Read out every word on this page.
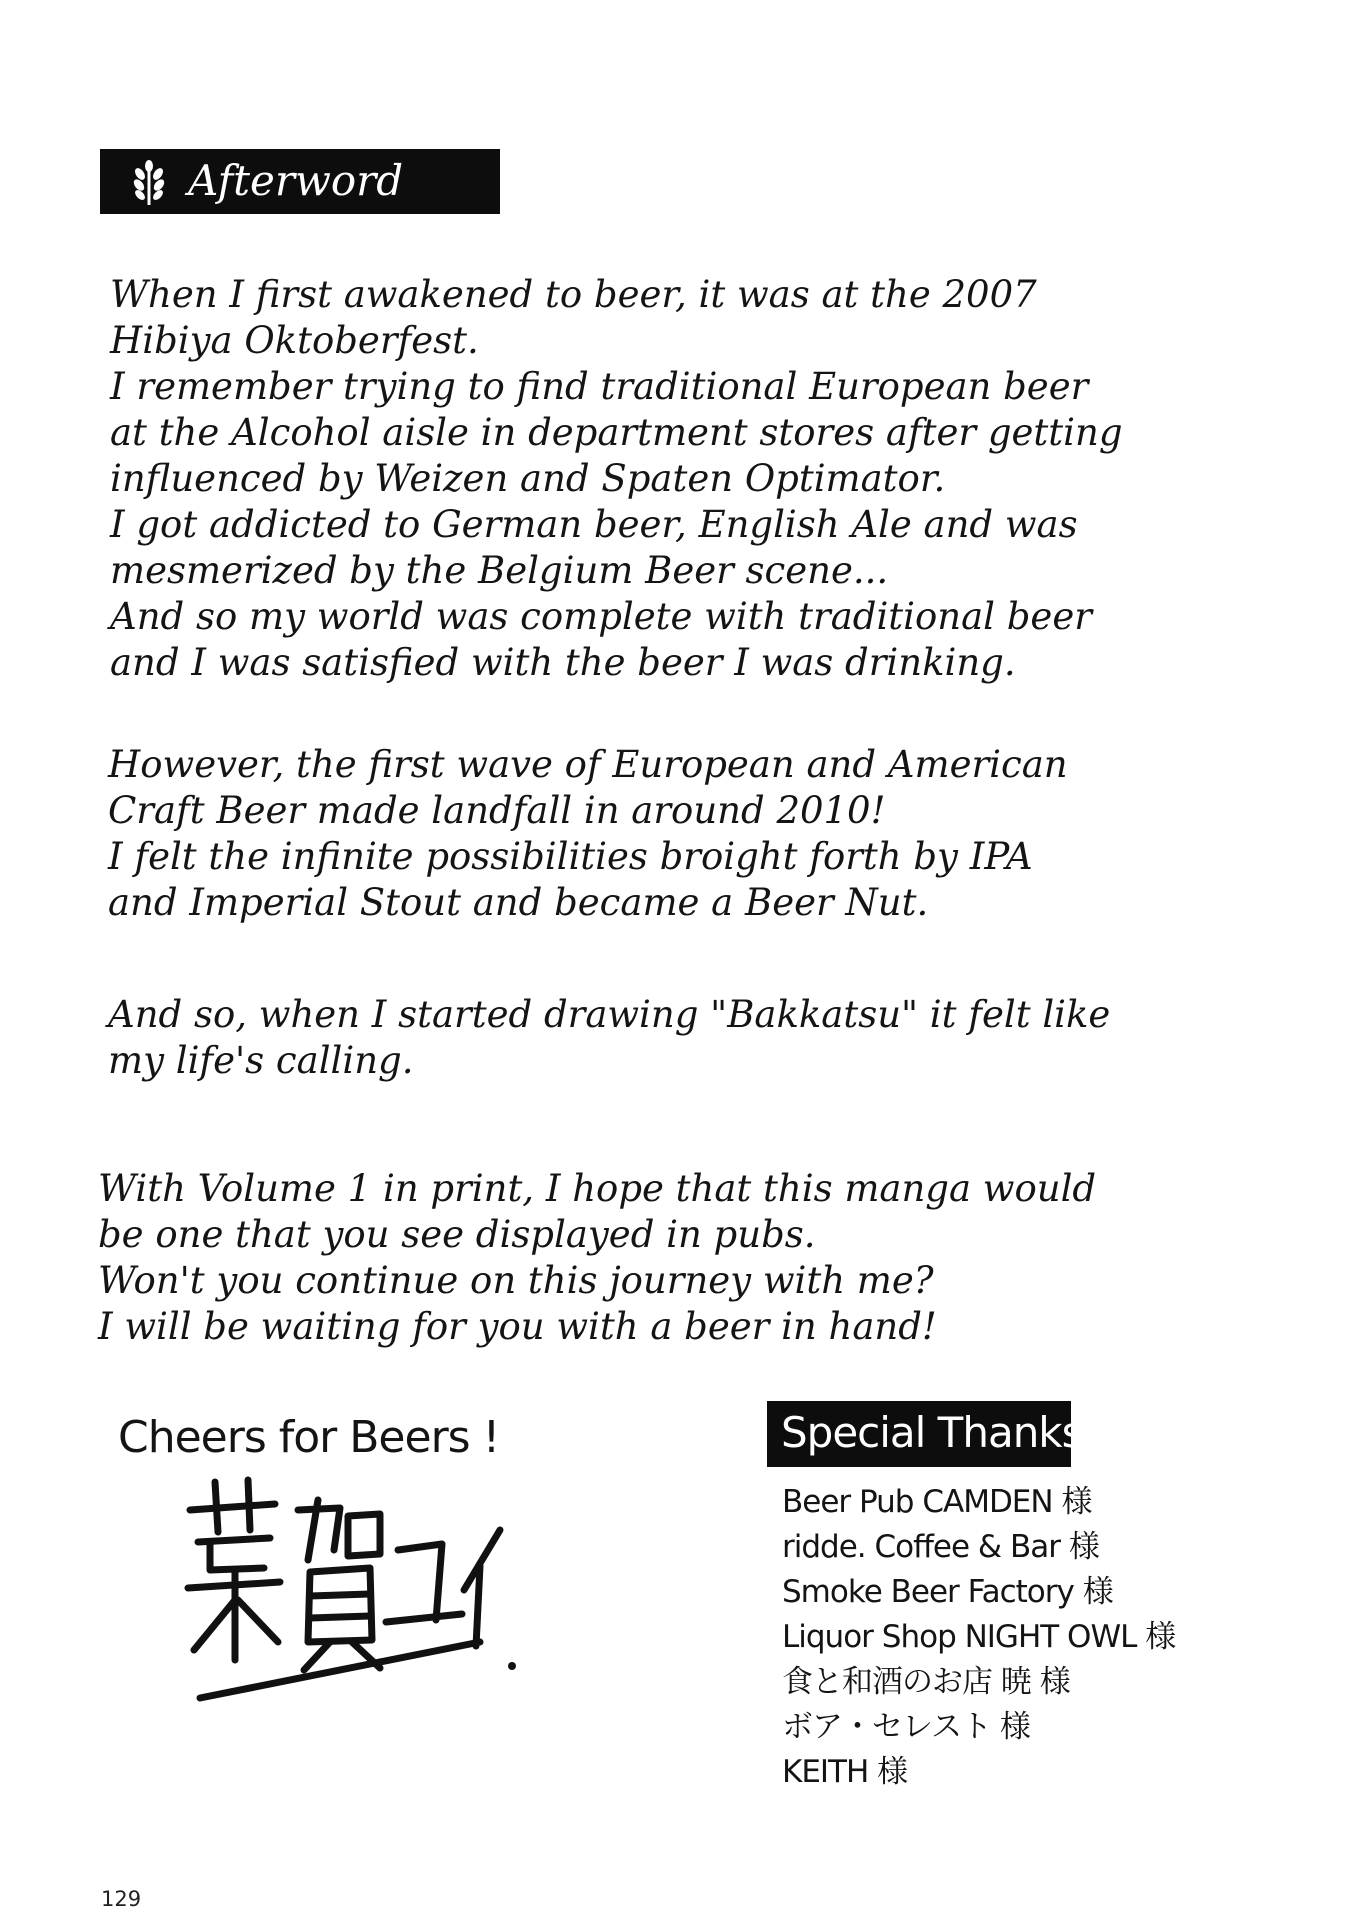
Afterword

When I first awakened to beer, it was at the 2007
Hibiya Oktoberfest.
I remember trying to find traditional European beer
at the Alcohol aisle in department stores after getting
influenced by Weizen and Spaten Optimator.
I got addicted to German beer, English Ale and was
mesmerized by the Belgium Beer scene...
And so my world was complete with traditional beer
and I was satisfied with the beer I was drinking.

However, the first wave of European and American
Craft Beer made landfall in around 2010!
I felt the infinite possibilities broight forth by IPA
and Imperial Stout and became a Beer Nut.

And so, when I started drawing "Bakkatsu" it felt like
my life's calling.

With Volume 1 in print, I hope that this manga would
be one that you see displayed in pubs.
Won't you continue on this journey with me?
I will be waiting for you with a beer in hand!

Cheers for Beers !	Special Thanks
Beer Pub CAMDEN 様
ridde. Coffee & Bar 様
Smoke Beer Factory 様
Liquor Shop NIGHT OWL 様
食と和酒のお店 暁 様
ボア・セレスト 様
KEITH 様
129
